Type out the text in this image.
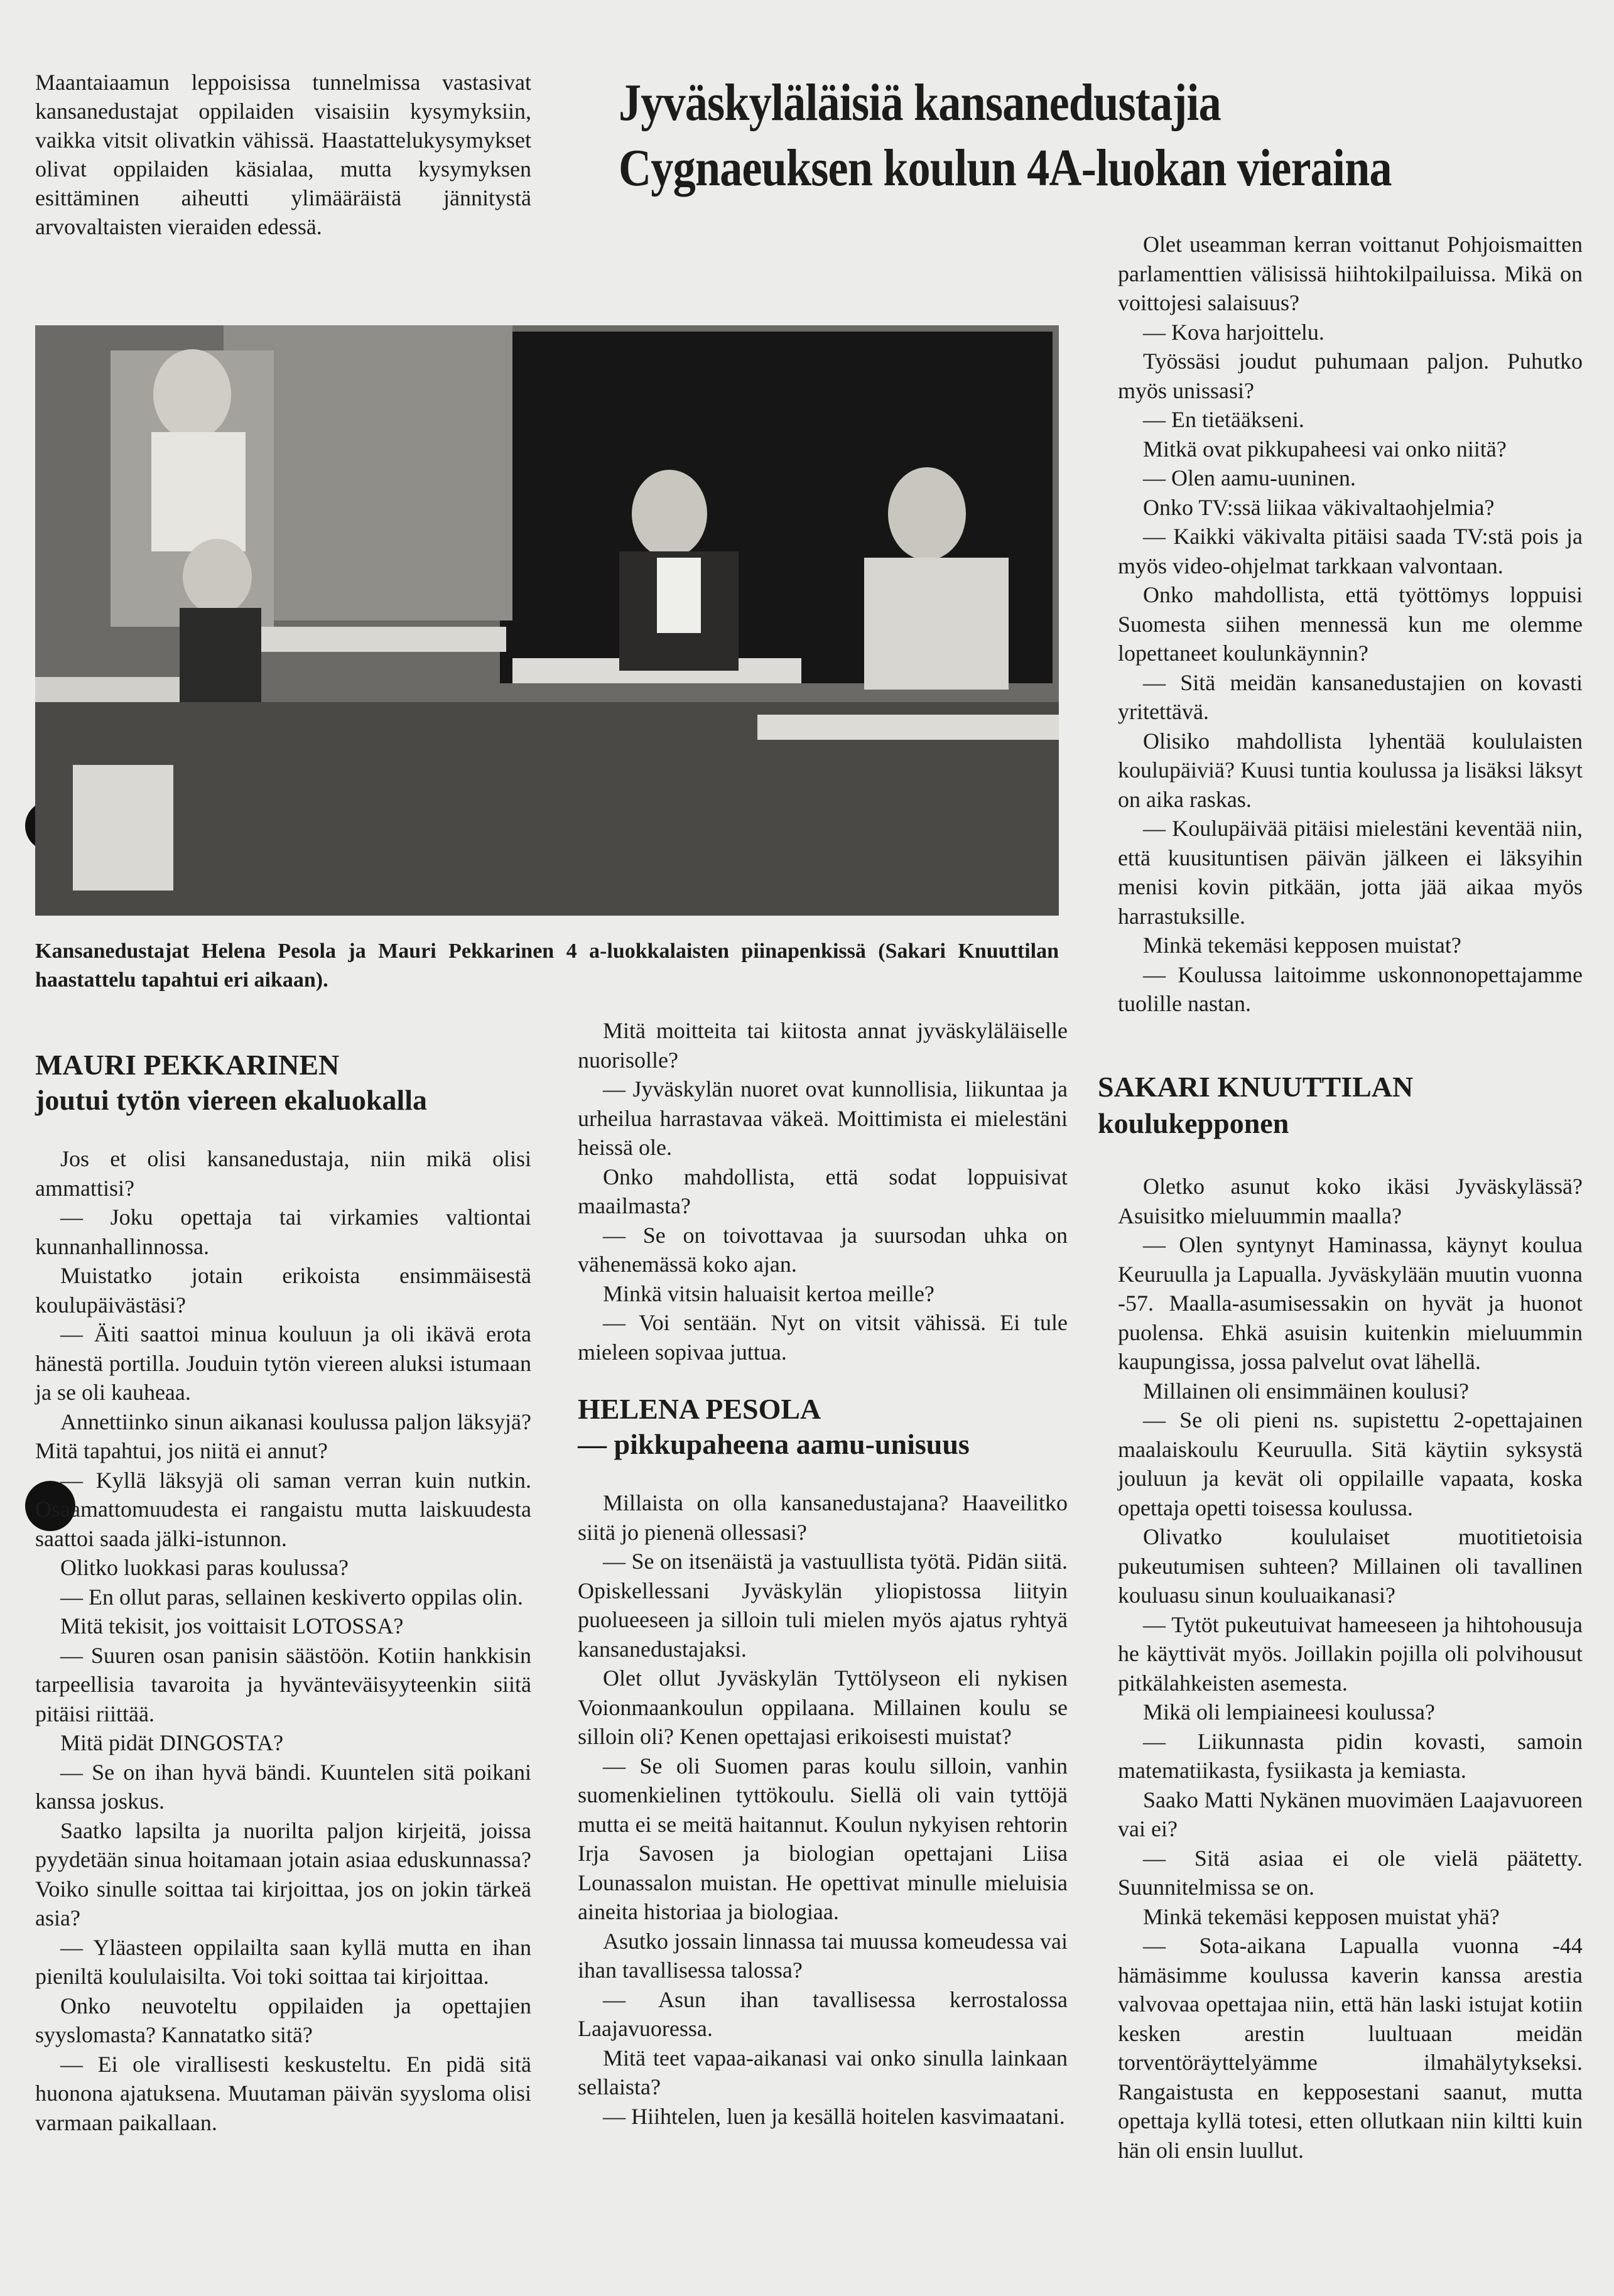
Maantaiaamun leppoisissa tunnelmissa vastasivat kansanedustajat oppilaiden visaisiin kysymyksiin, vaikka vitsit olivatkin vähissä. Haastattelukysymykset olivat oppilaiden käsialaa, mutta kysymyksen esittäminen aiheutti ylimääräistä jännitystä arvovaltaisten vieraiden edessä.
Jyväskyläläisiä kansanedustajia
Cygnaeuksen koulun 4A-luokan vieraina
Kansanedustajat Helena Pesola ja Mauri Pekkarinen 4 a-luokkalaisten piinapenkissä (Sakari Knuuttilan haastattelu tapahtui eri aikaan).
MAURI PEKKARINEN
joutui tytön viereen ekaluokalla

Jos et olisi kansanedustaja, niin mikä olisi ammattisi?

— Joku opettaja tai virkamies valtiontai kunnanhallinnossa.

Muistatko jotain erikoista ensimmäisestä koulupäivästäsi?

— Äiti saattoi minua kouluun ja oli ikävä erota hänestä portilla. Jouduin tytön viereen aluksi istumaan ja se oli kauheaa.

Annettiinko sinun aikanasi koulussa paljon läksyjä? Mitä tapahtui, jos niitä ei annut?

— Kyllä läksyjä oli saman verran kuin nutkin. Osaamattomuudesta ei rangaistu mutta laiskuudesta saattoi saada jälki-istunnon.

Olitko luokkasi paras koulussa?

— En ollut paras, sellainen keskiverto oppilas olin.

Mitä tekisit, jos voittaisit LOTOSSA?

— Suuren osan panisin säästöön. Kotiin hankkisin tarpeellisia tavaroita ja hyvänteväisyyteenkin siitä pitäisi riittää.

Mitä pidät DINGOSTA?

— Se on ihan hyvä bändi. Kuuntelen sitä poikani kanssa joskus.

Saatko lapsilta ja nuorilta paljon kirjeitä, joissa pyydetään sinua hoitamaan jotain asiaa eduskunnassa? Voiko sinulle soittaa tai kirjoittaa, jos on jokin tärkeä asia?

— Yläasteen oppilailta saan kyllä mutta en ihan pieniltä koululaisilta. Voi toki soittaa tai kirjoittaa.

Onko neuvoteltu oppilaiden ja opettajien syyslomasta? Kannatatko sitä?

— Ei ole virallisesti keskusteltu. En pidä sitä huonona ajatuksena. Muutaman päivän syysloma olisi varmaan paikallaan.

Mitä moitteita tai kiitosta annat jyväskyläläiselle nuorisolle?

— Jyväskylän nuoret ovat kunnollisia, liikuntaa ja urheilua harrastavaa väkeä. Moittimista ei mielestäni heissä ole.

Onko mahdollista, että sodat loppuisivat maailmasta?

— Se on toivottavaa ja suursodan uhka on vähenemässä koko ajan.

Minkä vitsin haluaisit kertoa meille?

— Voi sentään. Nyt on vitsit vähissä. Ei tule mieleen sopivaa juttua.

HELENA PESOLA
— pikkupaheena aamu-unisuus

Millaista on olla kansanedustajana? Haaveilitko siitä jo pienenä ollessasi?

— Se on itsenäistä ja vastuullista työtä. Pidän siitä. Opiskellessani Jyväskylän yliopistossa liityin puolueeseen ja silloin tuli mielen myös ajatus ryhtyä kansanedustajaksi.

Olet ollut Jyväskylän Tyttölyseon eli nykisen Voionmaankoulun oppilaana. Millainen koulu se silloin oli? Kenen opettajasi erikoisesti muistat?

— Se oli Suomen paras koulu silloin, vanhin suomenkielinen tyttökoulu. Siellä oli vain tyttöjä mutta ei se meitä haitannut. Koulun nykyisen rehtorin Irja Savosen ja biologian opettajani Liisa Lounassalon muistan. He opettivat minulle mieluisia aineita historiaa ja biologiaa.

Asutko jossain linnassa tai muussa komeudessa vai ihan tavallisessa talossa?

— Asun ihan tavallisessa kerrostalossa Laajavuoressa.

Mitä teet vapaa-aikanasi vai onko sinulla lainkaan sellaista?

— Hiihtelen, luen ja kesällä hoitelen kasvimaatani.

Olet useamman kerran voittanut Pohjoismaitten parlamenttien välisissä hiihtokilpailuissa. Mikä on voittojesi salaisuus?

— Kova harjoittelu.

Työssäsi joudut puhumaan paljon. Puhutko myös unissasi?

— En tietääkseni.

Mitkä ovat pikkupaheesi vai onko niitä?

— Olen aamu-uuninen.

Onko TV:ssä liikaa väkivaltaohjelmia?

— Kaikki väkivalta pitäisi saada TV:stä pois ja myös video-ohjelmat tarkkaan valvontaan.

Onko mahdollista, että työttömys loppuisi Suomesta siihen mennessä kun me olemme lopettaneet koulunkäynnin?

— Sitä meidän kansanedustajien on kovasti yritettävä.

Olisiko mahdollista lyhentää koululaisten koulupäiviä? Kuusi tuntia koulussa ja lisäksi läksyt on aika raskas.

— Koulupäivää pitäisi mielestäni keventää niin, että kuusituntisen päivän jälkeen ei läksyihin menisi kovin pitkään, jotta jää aikaa myös harrastuksille.

Minkä tekemäsi kepposen muistat?

— Koulussa laitoimme uskonnonopettajamme tuolille nastan.

SAKARI KNUUTTILAN
koulukepponen

Oletko asunut koko ikäsi Jyväskylässä? Asuisitko mieluummin maalla?

— Olen syntynyt Haminassa, käynyt koulua Keuruulla ja Lapualla. Jyväskylään muutin vuonna -57. Maalla-asumisessakin on hyvät ja huonot puolensa. Ehkä asuisin kuitenkin mieluummin kaupungissa, jossa palvelut ovat lähellä.

Millainen oli ensimmäinen koulusi?

— Se oli pieni ns. supistettu 2-opettajainen maalaiskoulu Keuruulla. Sitä käytiin syksystä jouluun ja kevät oli oppilaille vapaata, koska opettaja opetti toisessa koulussa.

Olivatko koululaiset muotitietoisia pukeutumisen suhteen? Millainen oli tavallinen kouluasu sinun kouluaikanasi?

— Tytöt pukeutuivat hameeseen ja hihtohousuja he käyttivät myös. Joillakin pojilla oli polvihousut pitkälahkeisten asemesta.

Mikä oli lempiaineesi koulussa?

— Liikunnasta pidin kovasti, samoin matematiikasta, fysiikasta ja kemiasta.

Saako Matti Nykänen muovimäen Laajavuoreen vai ei?

— Sitä asiaa ei ole vielä päätetty. Suunnitelmissa se on.

Minkä tekemäsi kepposen muistat yhä?

— Sota-aikana Lapualla vuonna -44 hämäsimme koulussa kaverin kanssa arestia valvovaa opettajaa niin, että hän laski istujat kotiin kesken arestin luultuaan meidän torventöräyttelyämme ilmahälytykseksi. Rangaistusta en kepposestani saanut, mutta opettaja kyllä totesi, etten ollutkaan niin kiltti kuin hän oli ensin luullut.
